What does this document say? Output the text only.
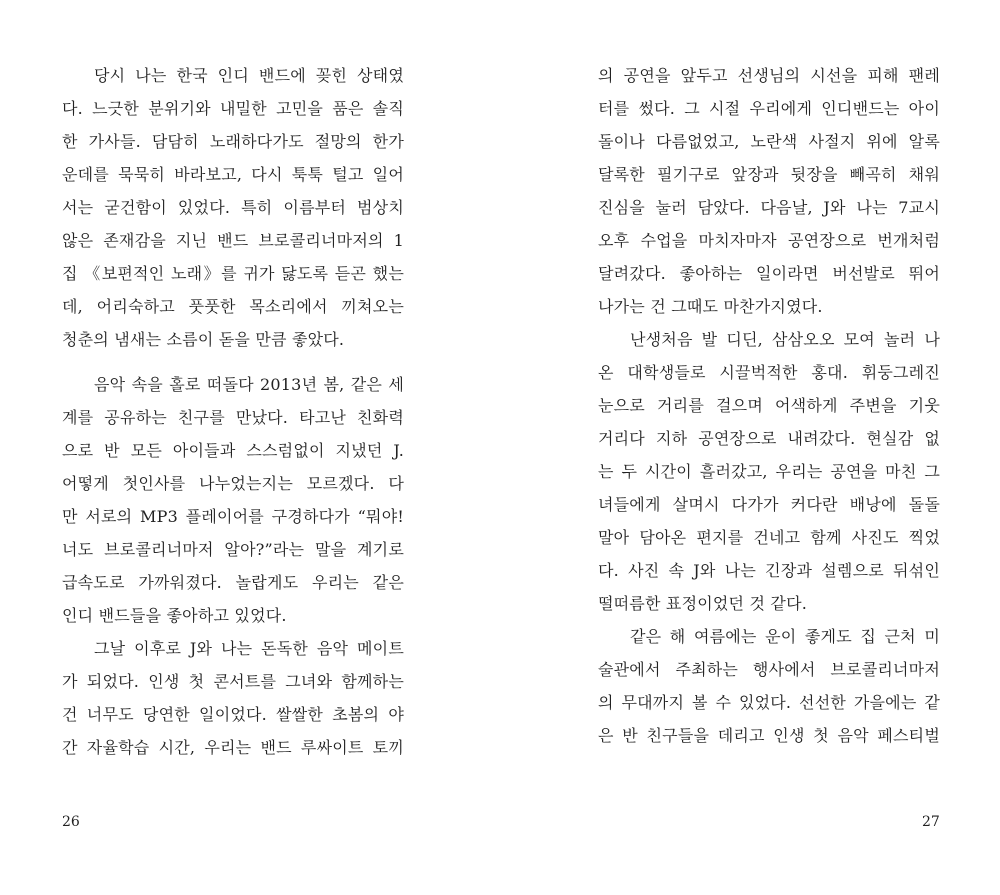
당시 나는 한국 인디 밴드에 꽂힌 상태였
다. 느긋한 분위기와 내밀한 고민을 품은 솔직
한 가사들. 담담히 노래하다가도 절망의 한가
운데를 묵묵히 바라보고, 다시 툭툭 털고 일어
서는 굳건함이 있었다. 특히 이름부터 범상치
않은 존재감을 지닌 밴드 브로콜리너마저의 1
집 《보편적인 노래》를 귀가 닳도록 듣곤 했는
데, 어리숙하고 풋풋한 목소리에서 끼쳐오는
청춘의 냄새는 소름이 돋을 만큼 좋았다.
음악 속을 홀로 떠돌다 2013년 봄, 같은 세
계를 공유하는 친구를 만났다. 타고난 친화력
으로 반 모든 아이들과 스스럼없이 지냈던 J.
어떻게 첫인사를 나누었는지는 모르겠다. 다
만 서로의 MP3 플레이어를 구경하다가 “뭐야!
너도 브로콜리너마저 알아?”라는 말을 계기로
급속도로 가까워졌다. 놀랍게도 우리는 같은
인디 밴드들을 좋아하고 있었다.
그날 이후로 J와 나는 돈독한 음악 메이트
가 되었다. 인생 첫 콘서트를 그녀와 함께하는
건 너무도 당연한 일이었다. 쌀쌀한 초봄의 야
간 자율학습 시간, 우리는 밴드 루싸이트 토끼
26
의 공연을 앞두고 선생님의 시선을 피해 팬레
터를 썼다. 그 시절 우리에게 인디밴드는 아이
돌이나 다름없었고, 노란색 사절지 위에 알록
달록한 필기구로 앞장과 뒷장을 빼곡히 채워
진심을 눌러 담았다. 다음날, J와 나는 7교시
오후 수업을 마치자마자 공연장으로 번개처럼
달려갔다. 좋아하는 일이라면 버선발로 뛰어
나가는 건 그때도 마찬가지였다.
난생처음 발 디딘, 삼삼오오 모여 놀러 나
온 대학생들로 시끌벅적한 홍대. 휘둥그레진
눈으로 거리를 걸으며 어색하게 주변을 기웃
거리다 지하 공연장으로 내려갔다. 현실감 없
는 두 시간이 흘러갔고, 우리는 공연을 마친 그
녀들에게 살며시 다가가 커다란 배낭에 돌돌
말아 담아온 편지를 건네고 함께 사진도 찍었
다. 사진 속 J와 나는 긴장과 설렘으로 뒤섞인
떨떠름한 표정이었던 것 같다.
같은 해 여름에는 운이 좋게도 집 근처 미
술관에서 주최하는 행사에서 브로콜리너마저
의 무대까지 볼 수 있었다. 선선한 가을에는 같
은 반 친구들을 데리고 인생 첫 음악 페스티벌
27
